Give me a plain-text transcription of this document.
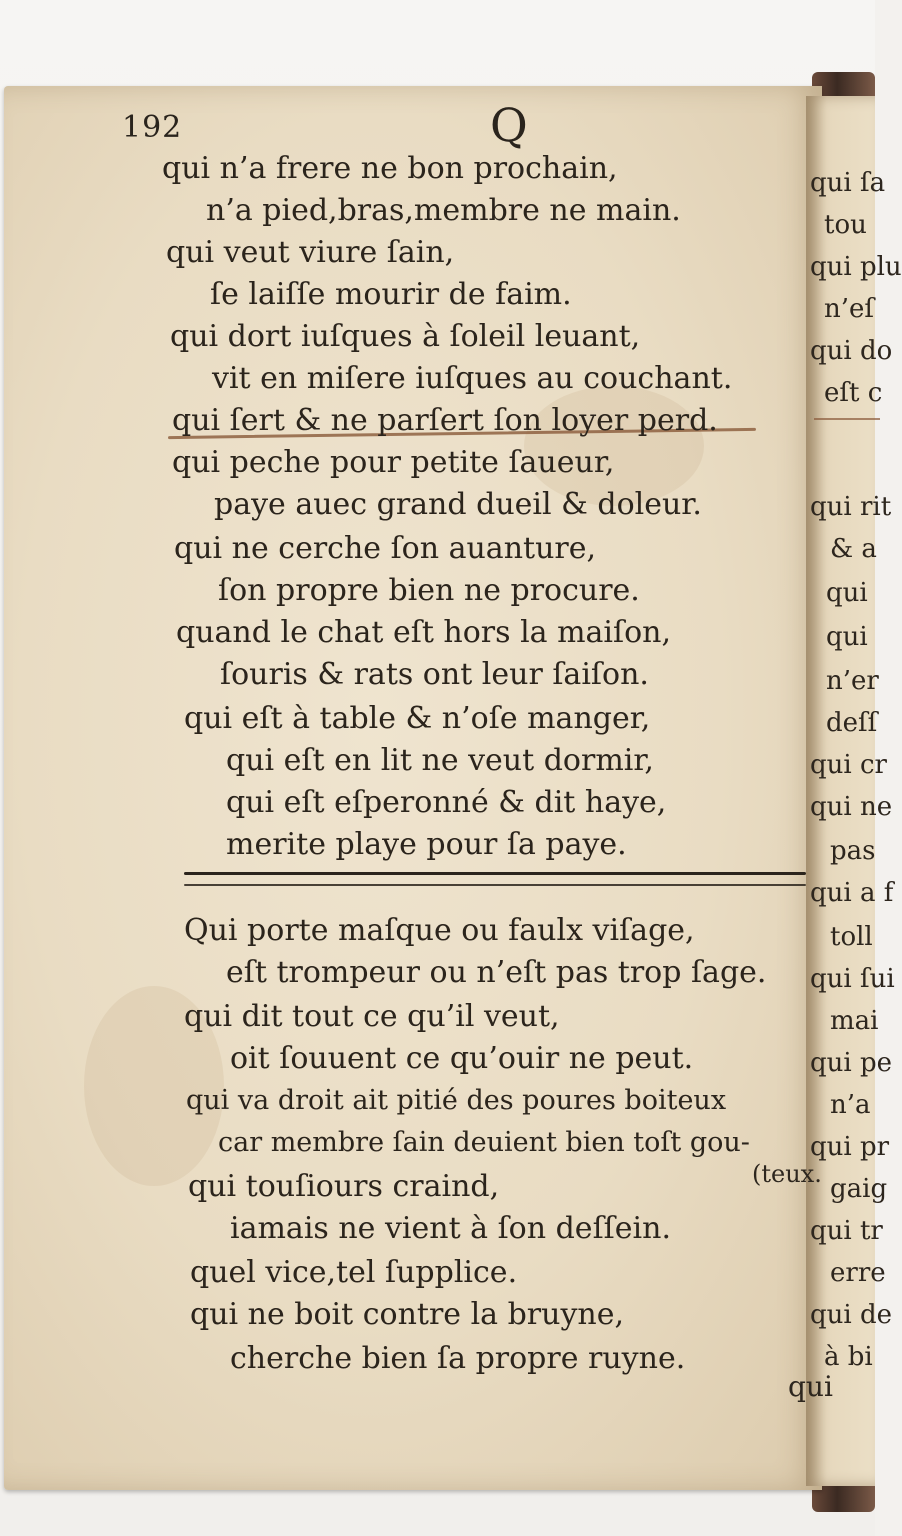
qui ſa
tou
qui plu
n’eſ
qui do
eſt c
qui rit
& a
qui
qui
n’er
deſſ
qui cr
qui ne
pas
qui a f
toll
qui ſui
mai
qui pe
n’a
qui pr
gaig
qui tr
erre
qui de
à bi
192	Q
qui n’a frere ne bon prochain,
n’a pied,bras,membre ne main.
qui veut viure ſain,
ſe laiſſe mourir de faim.
qui dort iuſques à ſoleil leuant,
vit en miſere iuſques au couchant.
qui ſert & ne parſert ſon loyer perd.
qui peche pour petite ſaueur,
paye auec grand dueil & doleur.
qui ne cerche ſon auanture,
ſon propre bien ne procure.
quand le chat eſt hors la maiſon,
ſouris & rats ont leur ſaiſon.
qui eſt à table & n’oſe manger,
qui eſt en lit ne veut dormir,
qui eſt eſperonné & dit haye,
merite playe pour ſa paye.
Qui porte maſque ou faulx viſage,
eſt trompeur ou n’eſt pas trop ſage.
qui dit tout ce qu’il veut,
oit ſouuent ce qu’ouir ne peut.
qui va droit ait pitié des poures boiteux
car membre ſain deuient bien toſt gou-
qui touſiours craind,
iamais ne vient à ſon deſſein.
quel vice,tel ſupplice.
qui ne boit contre la bruyne,
cherche bien ſa propre ruyne.
(teux.
qui
